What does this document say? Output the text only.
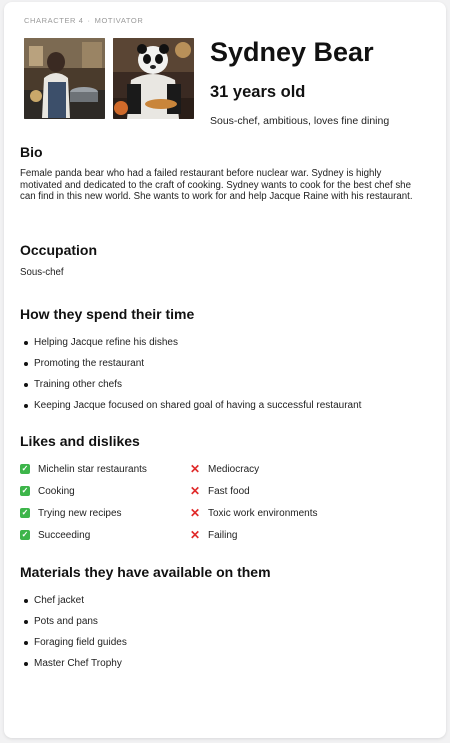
CHARACTER 4 · MOTIVATOR
Sydney Bear
31 years old
Sous-chef, ambitious, loves fine dining
Bio
Female panda bear who had a failed restaurant before nuclear war. Sydney is highly motivated and dedicated to the craft of cooking. Sydney wants to cook for the best chef she can find in this new world. She wants to work for and help Jacque Raine with his restaurant.
Occupation
Sous-chef
How they spend their time
Helping Jacque refine his dishes
Promoting the restaurant
Training other chefs
Keeping Jacque focused on shared goal of having a successful restaurant
Likes and dislikes
✓ Michelin star restaurants
✓ Cooking
✓ Trying new recipes
✓ Succeeding
✕ Mediocracy
✕ Fast food
✕ Toxic work environments
✕ Failing
Materials they have available on them
Chef jacket
Pots and pans
Foraging field guides
Master Chef Trophy
